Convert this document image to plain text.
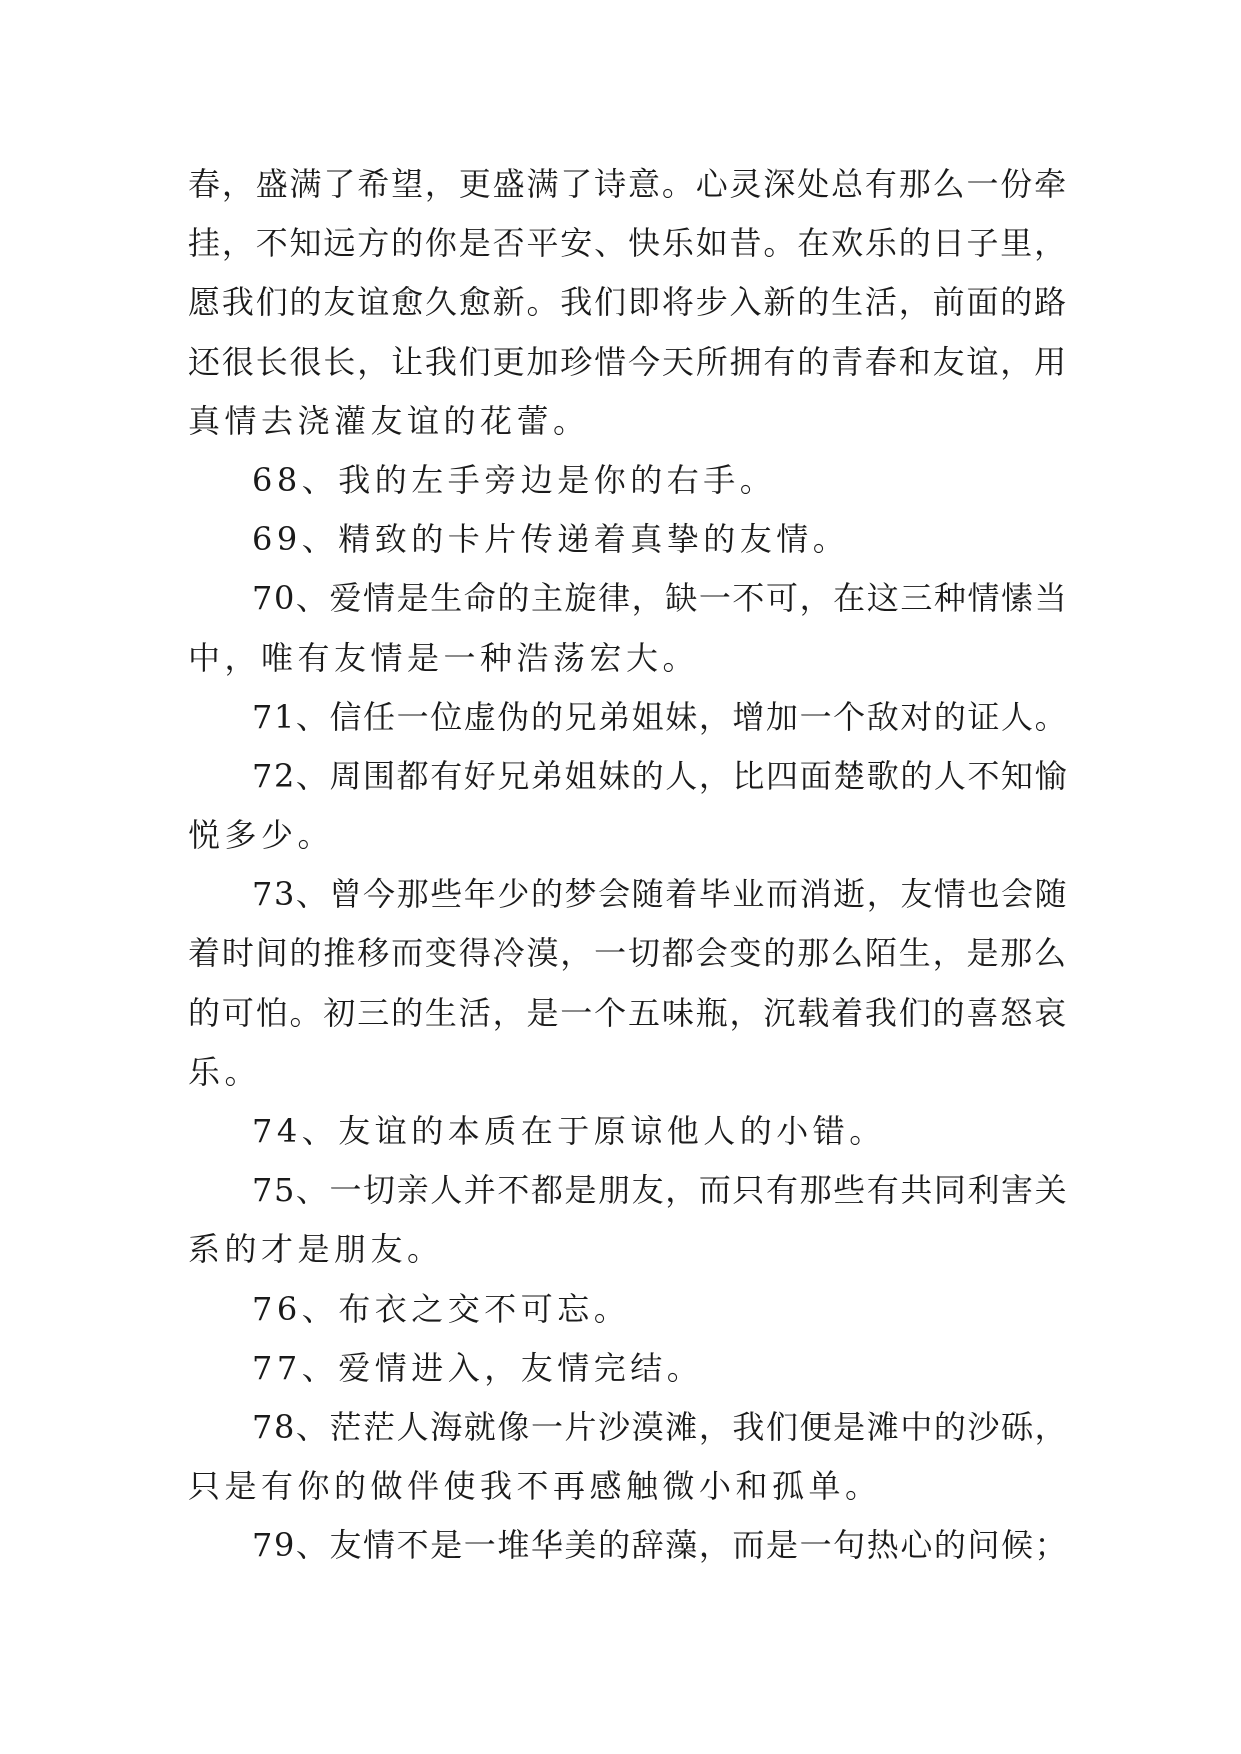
春，盛满了希望，更盛满了诗意。心灵深处总有那么一份牵
挂，不知远方的你是否平安、快乐如昔。在欢乐的日子里，
愿我们的友谊愈久愈新。我们即将步入新的生活，前面的路
还很长很长，让我们更加珍惜今天所拥有的青春和友谊，用
真情去浇灌友谊的花蕾。

68、我的左手旁边是你的右手。

69、精致的卡片传递着真挚的友情。

70、爱情是生命的主旋律，缺一不可，在这三种情愫当
中，唯有友情是一种浩荡宏大。

71、信任一位虚伪的兄弟姐妹，增加一个敌对的证人。

72、周围都有好兄弟姐妹的人，比四面楚歌的人不知愉
悦多少。

73、曾今那些年少的梦会随着毕业而消逝，友情也会随
着时间的推移而变得冷漠，一切都会变的那么陌生，是那么
的可怕。初三的生活，是一个五味瓶，沉载着我们的喜怒哀
乐。

74、友谊的本质在于原谅他人的小错。

75、一切亲人并不都是朋友，而只有那些有共同利害关
系的才是朋友。

76、布衣之交不可忘。

77、爱情进入，友情完结。

78、茫茫人海就像一片沙漠滩，我们便是滩中的沙砾，
只是有你的做伴使我不再感触微小和孤单。

79、友情不是一堆华美的辞藻，而是一句热心的问候；
